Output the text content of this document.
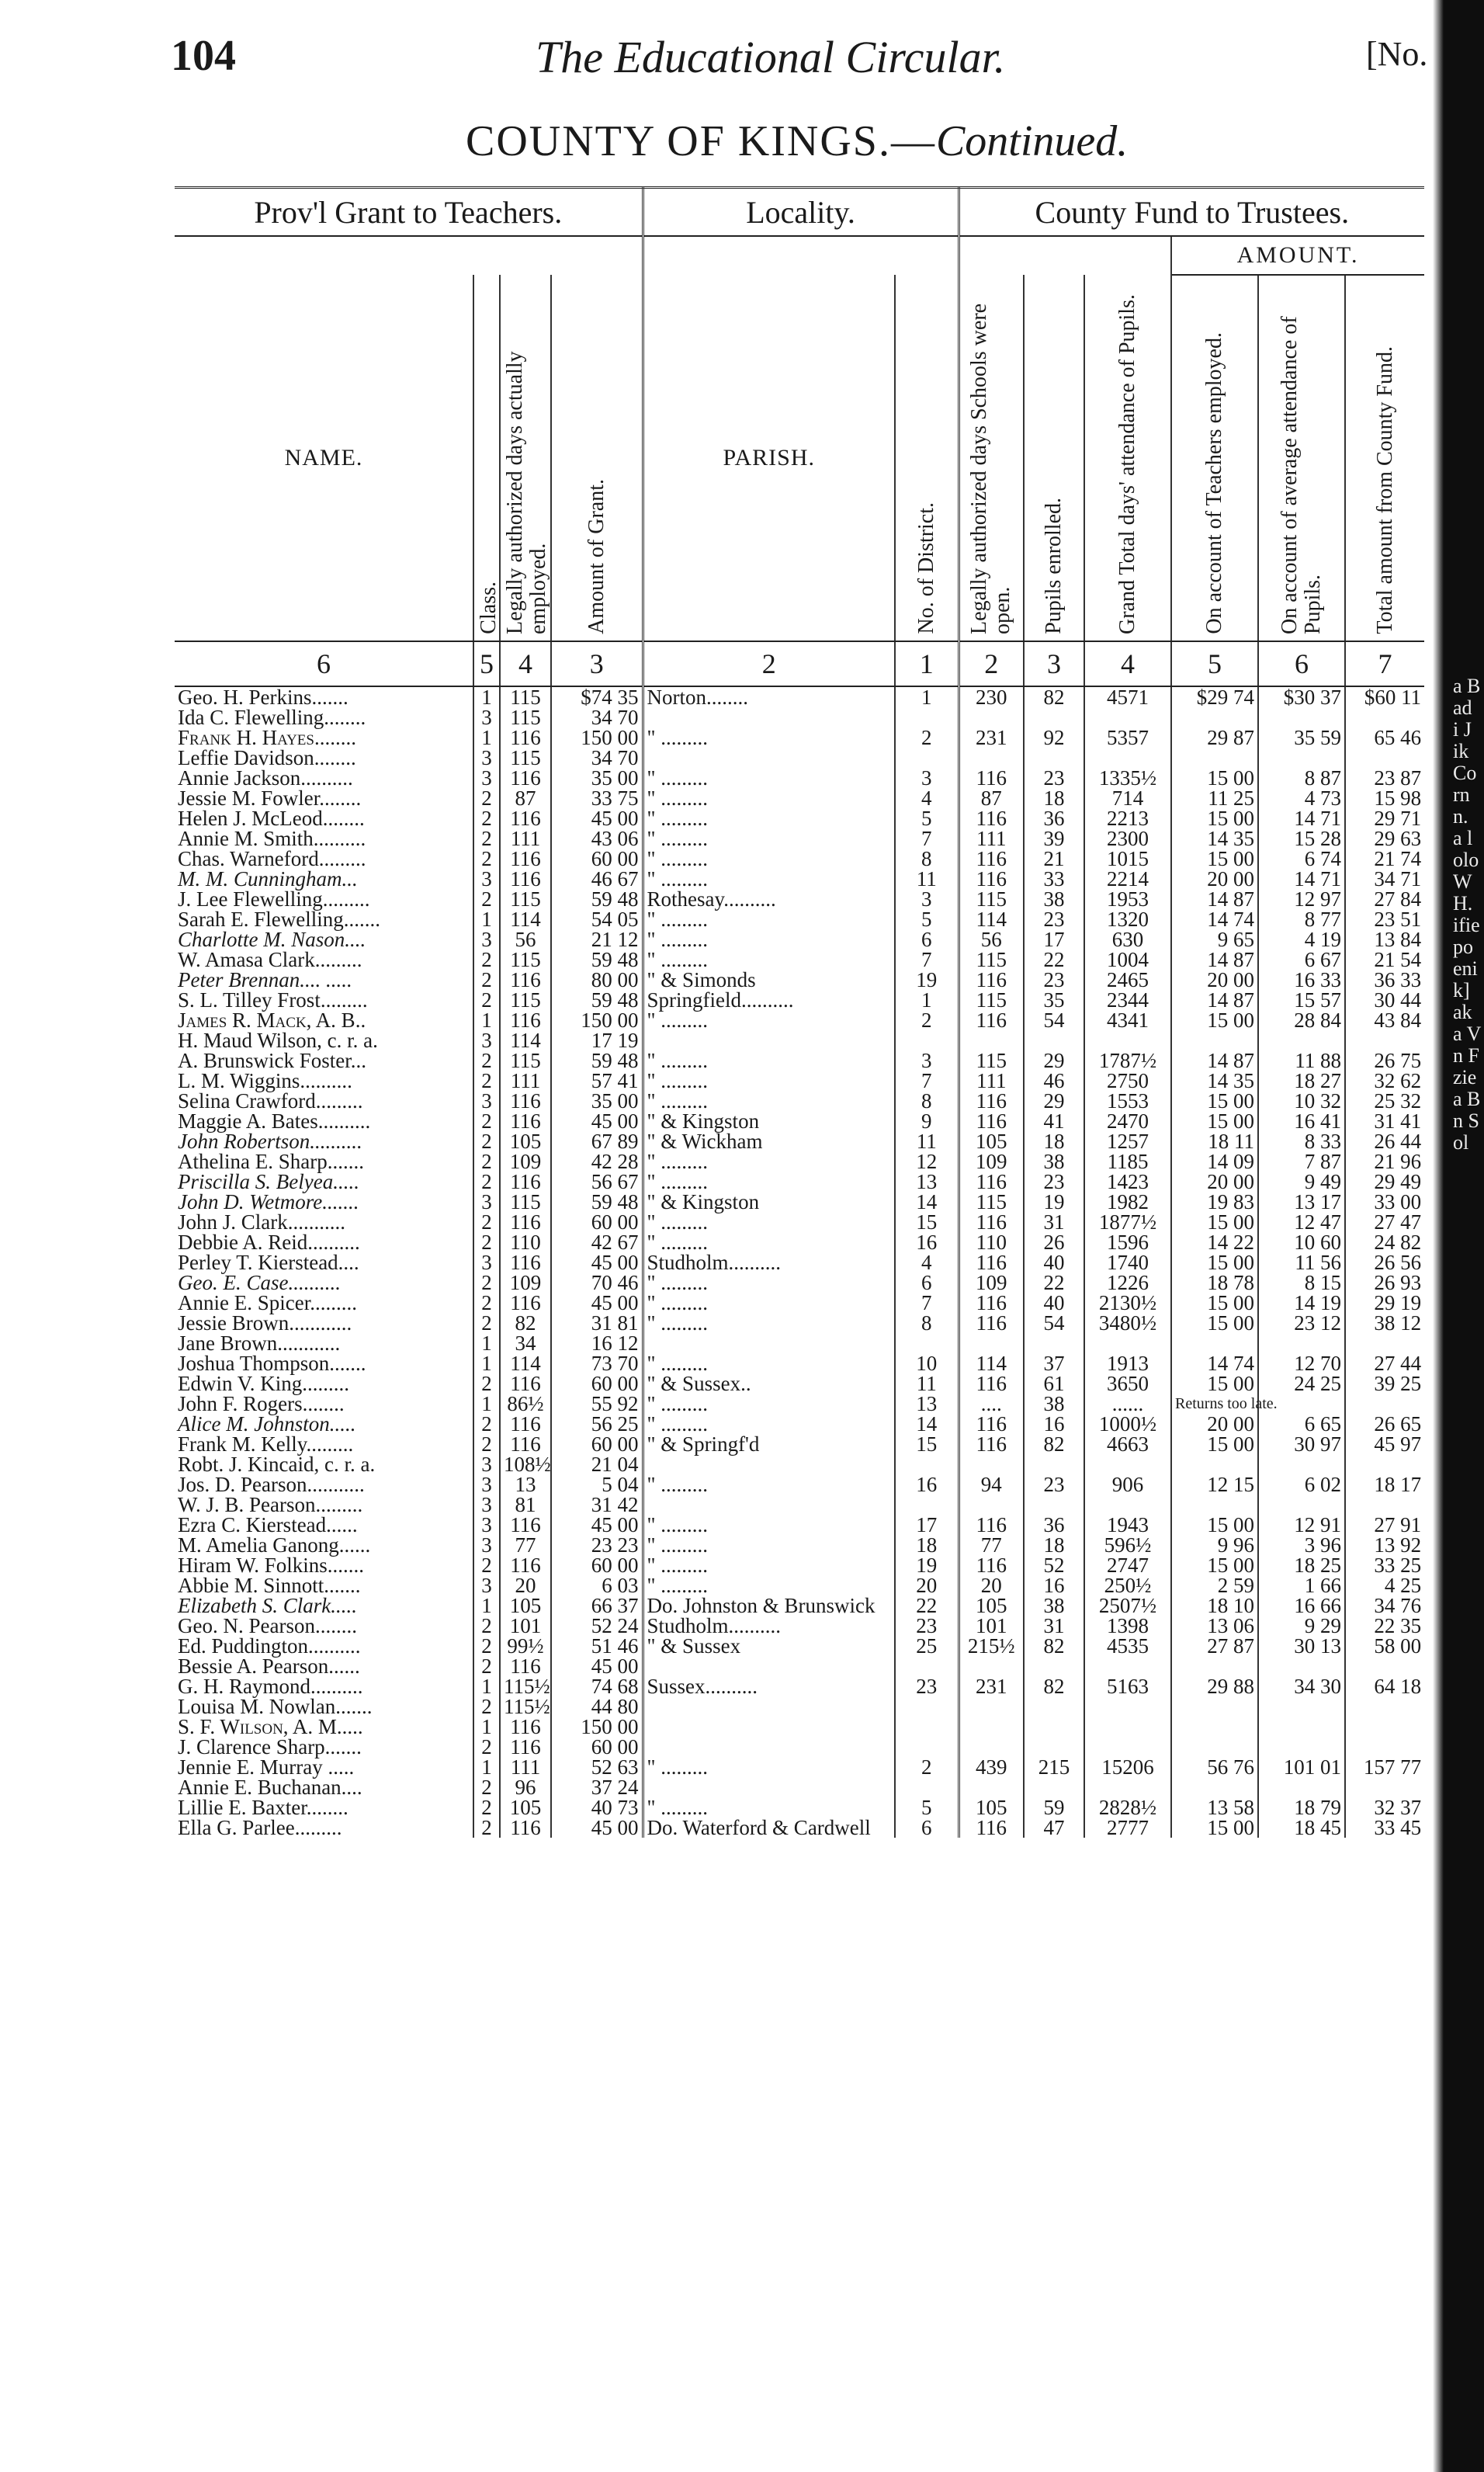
104	The Educational Circular.	[No.
COUNTY OF KINGS.—Continued.
Prov'l Grant to Teachers.				Locality.		County Fund to Trustees.					
									AMOUNT.		
NAME.	Class.	Legally authorized days actually employed.	Amount of Grant.	PARISH.	No. of District.	Legally authorized days Schools were open.	Pupils enrolled.	Grand Total days' attendance of Pupils.	On account of Teachers employed.	On account of average attendance of Pupils.	Total amount from County Fund.
6	5	4	3	2	1	2	3	4	5	6	7
Geo. H. Perkins.......	1	115	$74 35	Norton........	1	230	82	4571	$29 74	$30 37	$60 11
Ida C. Flewelling........	3	115	34 70								
Frank H. Hayes........	1	116	150 00	" .........	2	231	92	5357	29 87	35 59	65 46
Leffie Davidson........	3	115	34 70								
Annie Jackson..........	3	116	35 00	" .........	3	116	23	1335½	15 00	8 87	23 87
Jessie M. Fowler........	2	87	33 75	" .........	4	87	18	714	11 25	4 73	15 98
Helen J. McLeod........	2	116	45 00	" .........	5	116	36	2213	15 00	14 71	29 71
Annie M. Smith..........	2	111	43 06	" .........	7	111	39	2300	14 35	15 28	29 63
Chas. Warneford.........	2	116	60 00	" .........	8	116	21	1015	15 00	6 74	21 74
M. M. Cunningham...	3	116	46 67	" .........	11	116	33	2214	20 00	14 71	34 71
J. Lee Flewelling.........	2	115	59 48	Rothesay..........	3	115	38	1953	14 87	12 97	27 84
Sarah E. Flewelling.......	1	114	54 05	" .........	5	114	23	1320	14 74	8 77	23 51
Charlotte M. Nason....	3	56	21 12	" .........	6	56	17	630	9 65	4 19	13 84
W. Amasa Clark.........	2	115	59 48	" .........	7	115	22	1004	14 87	6 67	21 54
Peter Brennan.... .....	2	116	80 00	" & Simonds	19	116	23	2465	20 00	16 33	36 33
S. L. Tilley Frost.........	2	115	59 48	Springfield..........	1	115	35	2344	14 87	15 57	30 44
James R. Mack, A. B..	1	116	150 00	" .........	2	116	54	4341	15 00	28 84	43 84
H. Maud Wilson, c. r. a.	3	114	17 19								
A. Brunswick Foster...	2	115	59 48	" .........	3	115	29	1787½	14 87	11 88	26 75
L. M. Wiggins..........	2	111	57 41	" .........	7	111	46	2750	14 35	18 27	32 62
Selina Crawford.........	3	116	35 00	" .........	8	116	29	1553	15 00	10 32	25 32
Maggie A. Bates..........	2	116	45 00	" & Kingston	9	116	41	2470	15 00	16 41	31 41
John Robertson..........	2	105	67 89	" & Wickham	11	105	18	1257	18 11	8 33	26 44
Athelina E. Sharp.......	2	109	42 28	" .........	12	109	38	1185	14 09	7 87	21 96
Priscilla S. Belyea.....	2	116	56 67	" .........	13	116	23	1423	20 00	9 49	29 49
John D. Wetmore.......	3	115	59 48	" & Kingston	14	115	19	1982	19 83	13 17	33 00
John J. Clark...........	2	116	60 00	" .........	15	116	31	1877½	15 00	12 47	27 47
Debbie A. Reid..........	2	110	42 67	" .........	16	110	26	1596	14 22	10 60	24 82
Perley T. Kierstead....	3	116	45 00	Studholm..........	4	116	40	1740	15 00	11 56	26 56
Geo. E. Case..........	2	109	70 46	" .........	6	109	22	1226	18 78	8 15	26 93
Annie E. Spicer.........	2	116	45 00	" .........	7	116	40	2130½	15 00	14 19	29 19
Jessie Brown............	2	82	31 81	" .........	8	116	54	3480½	15 00	23 12	38 12
Jane Brown............	1	34	16 12								
Joshua Thompson.......	1	114	73 70	" .........	10	114	37	1913	14 74	12 70	27 44
Edwin V. King.........	2	116	60 00	" & Sussex..	11	116	61	3650	15 00	24 25	39 25
John F. Rogers........	1	86½	55 92	" .........	13	....	38	......	Returns too late.		
Alice M. Johnston.....	2	116	56 25	" .........	14	116	16	1000½	20 00	6 65	26 65
Frank M. Kelly.........	2	116	60 00	" & Springf'd	15	116	82	4663	15 00	30 97	45 97
Robt. J. Kincaid, c. r. a.	3	108½	21 04								
Jos. D. Pearson...........	3	13	5 04	" .........	16	94	23	906	12 15	6 02	18 17
W. J. B. Pearson.........	3	81	31 42								
Ezra C. Kierstead......	3	116	45 00	" .........	17	116	36	1943	15 00	12 91	27 91
M. Amelia Ganong......	3	77	23 23	" .........	18	77	18	596½	9 96	3 96	13 92
Hiram W. Folkins.......	2	116	60 00	" .........	19	116	52	2747	15 00	18 25	33 25
Abbie M. Sinnott.......	3	20	6 03	" .........	20	20	16	250½	2 59	1 66	4 25
Elizabeth S. Clark.....	1	105	66 37	Do. Johnston & Brunswick	22	105	38	2507½	18 10	16 66	34 76
Geo. N. Pearson........	2	101	52 24	Studholm..........	23	101	31	1398	13 06	9 29	22 35
Ed. Puddington..........	2	99½	51 46	" & Sussex	25	215½	82	4535	27 87	30 13	58 00
Bessie A. Pearson......	2	116	45 00								
G. H. Raymond..........	1	115½	74 68	Sussex..........	23	231	82	5163	29 88	34 30	64 18
Louisa M. Nowlan.......	2	115½	44 80								
S. F. Wilson, A. M.....	1	116	150 00								
J. Clarence Sharp.......	2	116	60 00								
Jennie E. Murray .....	1	111	52 63	" .........	2	439	215	15206	56 76	101 01	157 77
Annie E. Buchanan....	2	96	37 24								
Lillie E. Baxter........	2	105	40 73	" .........	5	105	59	2828½	13 58	18 79	32 37
Ella G. Parlee.........	2	116	45 00	Do. Waterford & Cardwell	6	116	47	2777	15 00	18 45	33 45
a B
ad
i J
ik
Co
rn
n.
a l
olo
W
H.
ifie
po
eni
k]
ak
a V
n F
zie
a B
n S
ol
